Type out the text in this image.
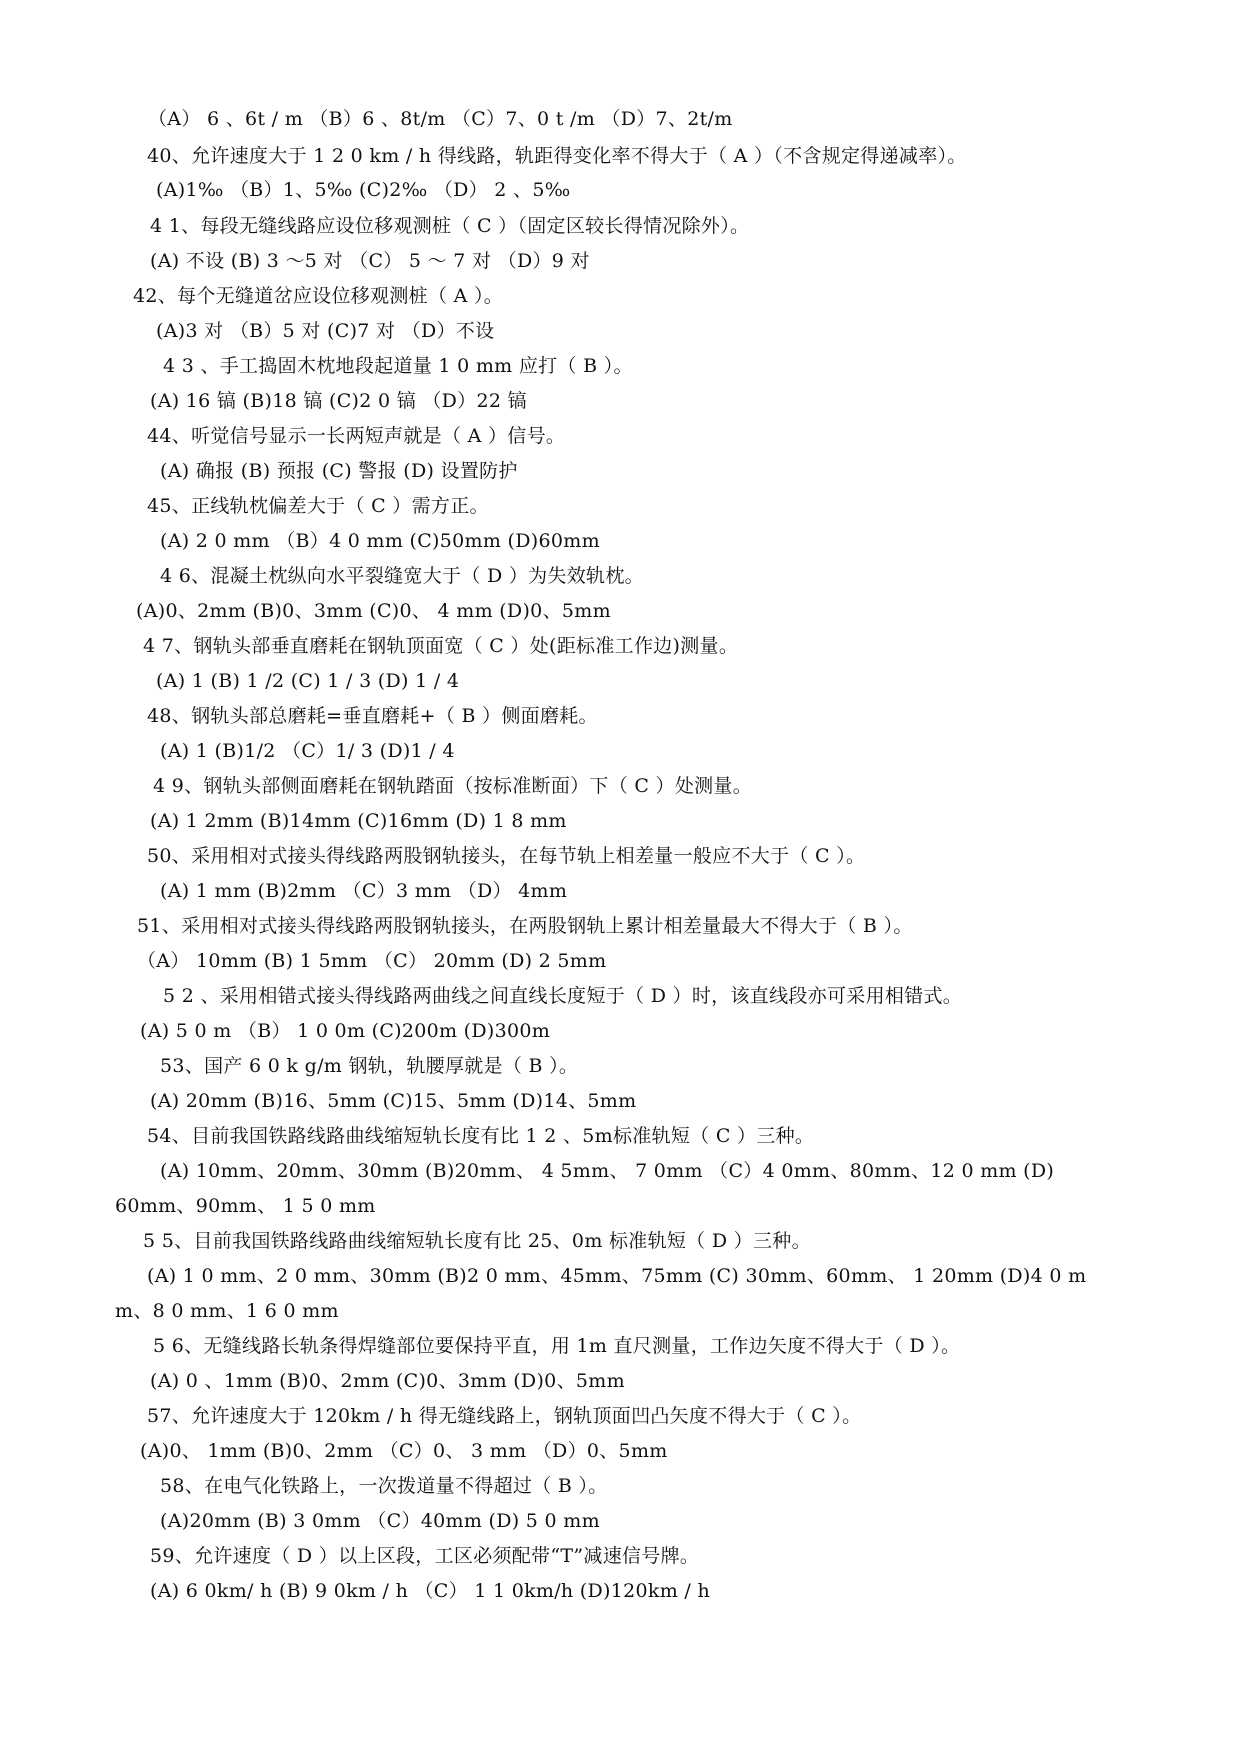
（A） 6 、6t / m （B）6 、8t/m （C）7、0 t /m （D）7、2t/m
40、允许速度大于 1 2 0 km / h 得线路，轨距得变化率不得大于（ A ）（不含规定得递减率）。
(A)1‰ （B）1、5‰ (C)2‰ （D） 2 、5‰
4 1、每段无缝线路应设位移观测桩（ C ）（固定区较长得情况除外）。
(A) 不设 (B) 3 ～5 对 （C） 5 ～ 7 对 （D）9 对
42、每个无缝道岔应设位移观测桩（ A ）。
(A)3 对 （B）5 对 (C)7 对 （D）不设
4 3 、手工捣固木枕地段起道量 1 0 mm 应打（ B ）。
(A) 16 镐 (B)18 镐 (C)2 0 镐 （D）22 镐
44、听觉信号显示一长两短声就是（ A ）信号。
(A) 确报 (B) 预报 (C) 警报 (D) 设置防护
45、正线轨枕偏差大于（ C ）需方正。
(A) 2 0 mm （B）4 0 mm (C)50mm (D)60mm
4 6、混凝土枕纵向水平裂缝宽大于（ D ）为失效轨枕。
(A)0、2mm (B)0、3mm (C)0、 4 mm (D)0、5mm
4 7、钢轨头部垂直磨耗在钢轨顶面宽（ C ）处(距标准工作边)测量。
(A) 1 (B) 1 /2 (C) 1 / 3 (D) 1 / 4
48、钢轨头部总磨耗=垂直磨耗+（ B ）侧面磨耗。
(A) 1 (B)1/2 （C）1/ 3 (D)1 / 4
4 9、钢轨头部侧面磨耗在钢轨踏面（按标准断面）下（ C ）处测量。
(A) 1 2mm (B)14mm (C)16mm (D) 1 8 mm
50、采用相对式接头得线路两股钢轨接头，在每节轨上相差量一般应不大于（ C ）。
(A) 1 mm (B)2mm （C）3 mm （D） 4mm
51、采用相对式接头得线路两股钢轨接头，在两股钢轨上累计相差量最大不得大于（ B ）。
（A） 10mm (B) 1 5mm （C） 20mm (D) 2 5mm
5 2 、采用相错式接头得线路两曲线之间直线长度短于（ D ）时，该直线段亦可采用相错式。
(A) 5 0 m （B） 1 0 0m (C)200m (D)300m
53、国产 6 0 k g/m 钢轨，轨腰厚就是（ B ）。
(A) 20mm (B)16、5mm (C)15、5mm (D)14、5mm
54、目前我国铁路线路曲线缩短轨长度有比 1 2 、5m标准轨短（ C ）三种。
(A) 10mm、20mm、30mm (B)20mm、 4 5mm、 7 0mm （C）4 0mm、80mm、12 0 mm (D)
60mm、90mm、 1 5 0 mm
5 5、目前我国铁路线路曲线缩短轨长度有比 25、0m 标准轨短（ D ）三种。
(A) 1 0 mm、2 0 mm、30mm (B)2 0 mm、45mm、75mm (C) 30mm、60mm、 1 20mm (D)4 0 m
m、8 0 mm、1 6 0 mm
5 6、无缝线路长轨条得焊缝部位要保持平直，用 1m 直尺测量，工作边矢度不得大于（ D ）。
(A) 0 、1mm (B)0、2mm (C)0、3mm (D)0、5mm
57、允许速度大于 120km / h 得无缝线路上，钢轨顶面凹凸矢度不得大于（ C ）。
(A)0、 1mm (B)0、2mm （C）0、 3 mm （D）0、5mm
58、在电气化铁路上，一次拨道量不得超过（ B ）。
(A)20mm (B) 3 0mm （C）40mm (D) 5 0 mm
59、允许速度（ D ）以上区段，工区必须配带“T”减速信号牌。
(A) 6 0km/ h (B) 9 0km / h （C） 1 1 0km/h (D)120km / h
